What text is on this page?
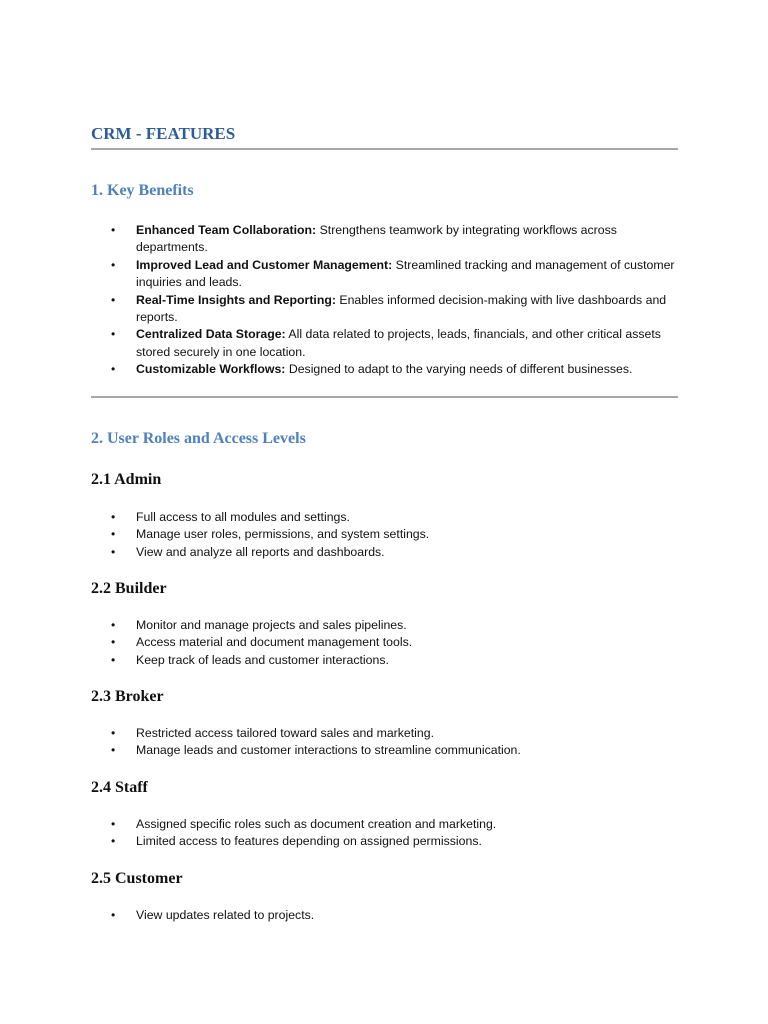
CRM - FEATURES
1. Key Benefits
• Enhanced Team Collaboration: Strengthens teamwork by integrating workflows across departments.
• Improved Lead and Customer Management: Streamlined tracking and management of customer inquiries and leads.
• Real-Time Insights and Reporting: Enables informed decision-making with live dashboards and reports.
• Centralized Data Storage: All data related to projects, leads, financials, and other critical assets stored securely in one location.
• Customizable Workflows: Designed to adapt to the varying needs of different businesses.
2. User Roles and Access Levels
2.1 Admin
• Full access to all modules and settings.
• Manage user roles, permissions, and system settings.
• View and analyze all reports and dashboards.
2.2 Builder
• Monitor and manage projects and sales pipelines.
• Access material and document management tools.
• Keep track of leads and customer interactions.
2.3 Broker
• Restricted access tailored toward sales and marketing.
• Manage leads and customer interactions to streamline communication.
2.4 Staff
• Assigned specific roles such as document creation and marketing.
• Limited access to features depending on assigned permissions.
2.5 Customer
• View updates related to projects.
